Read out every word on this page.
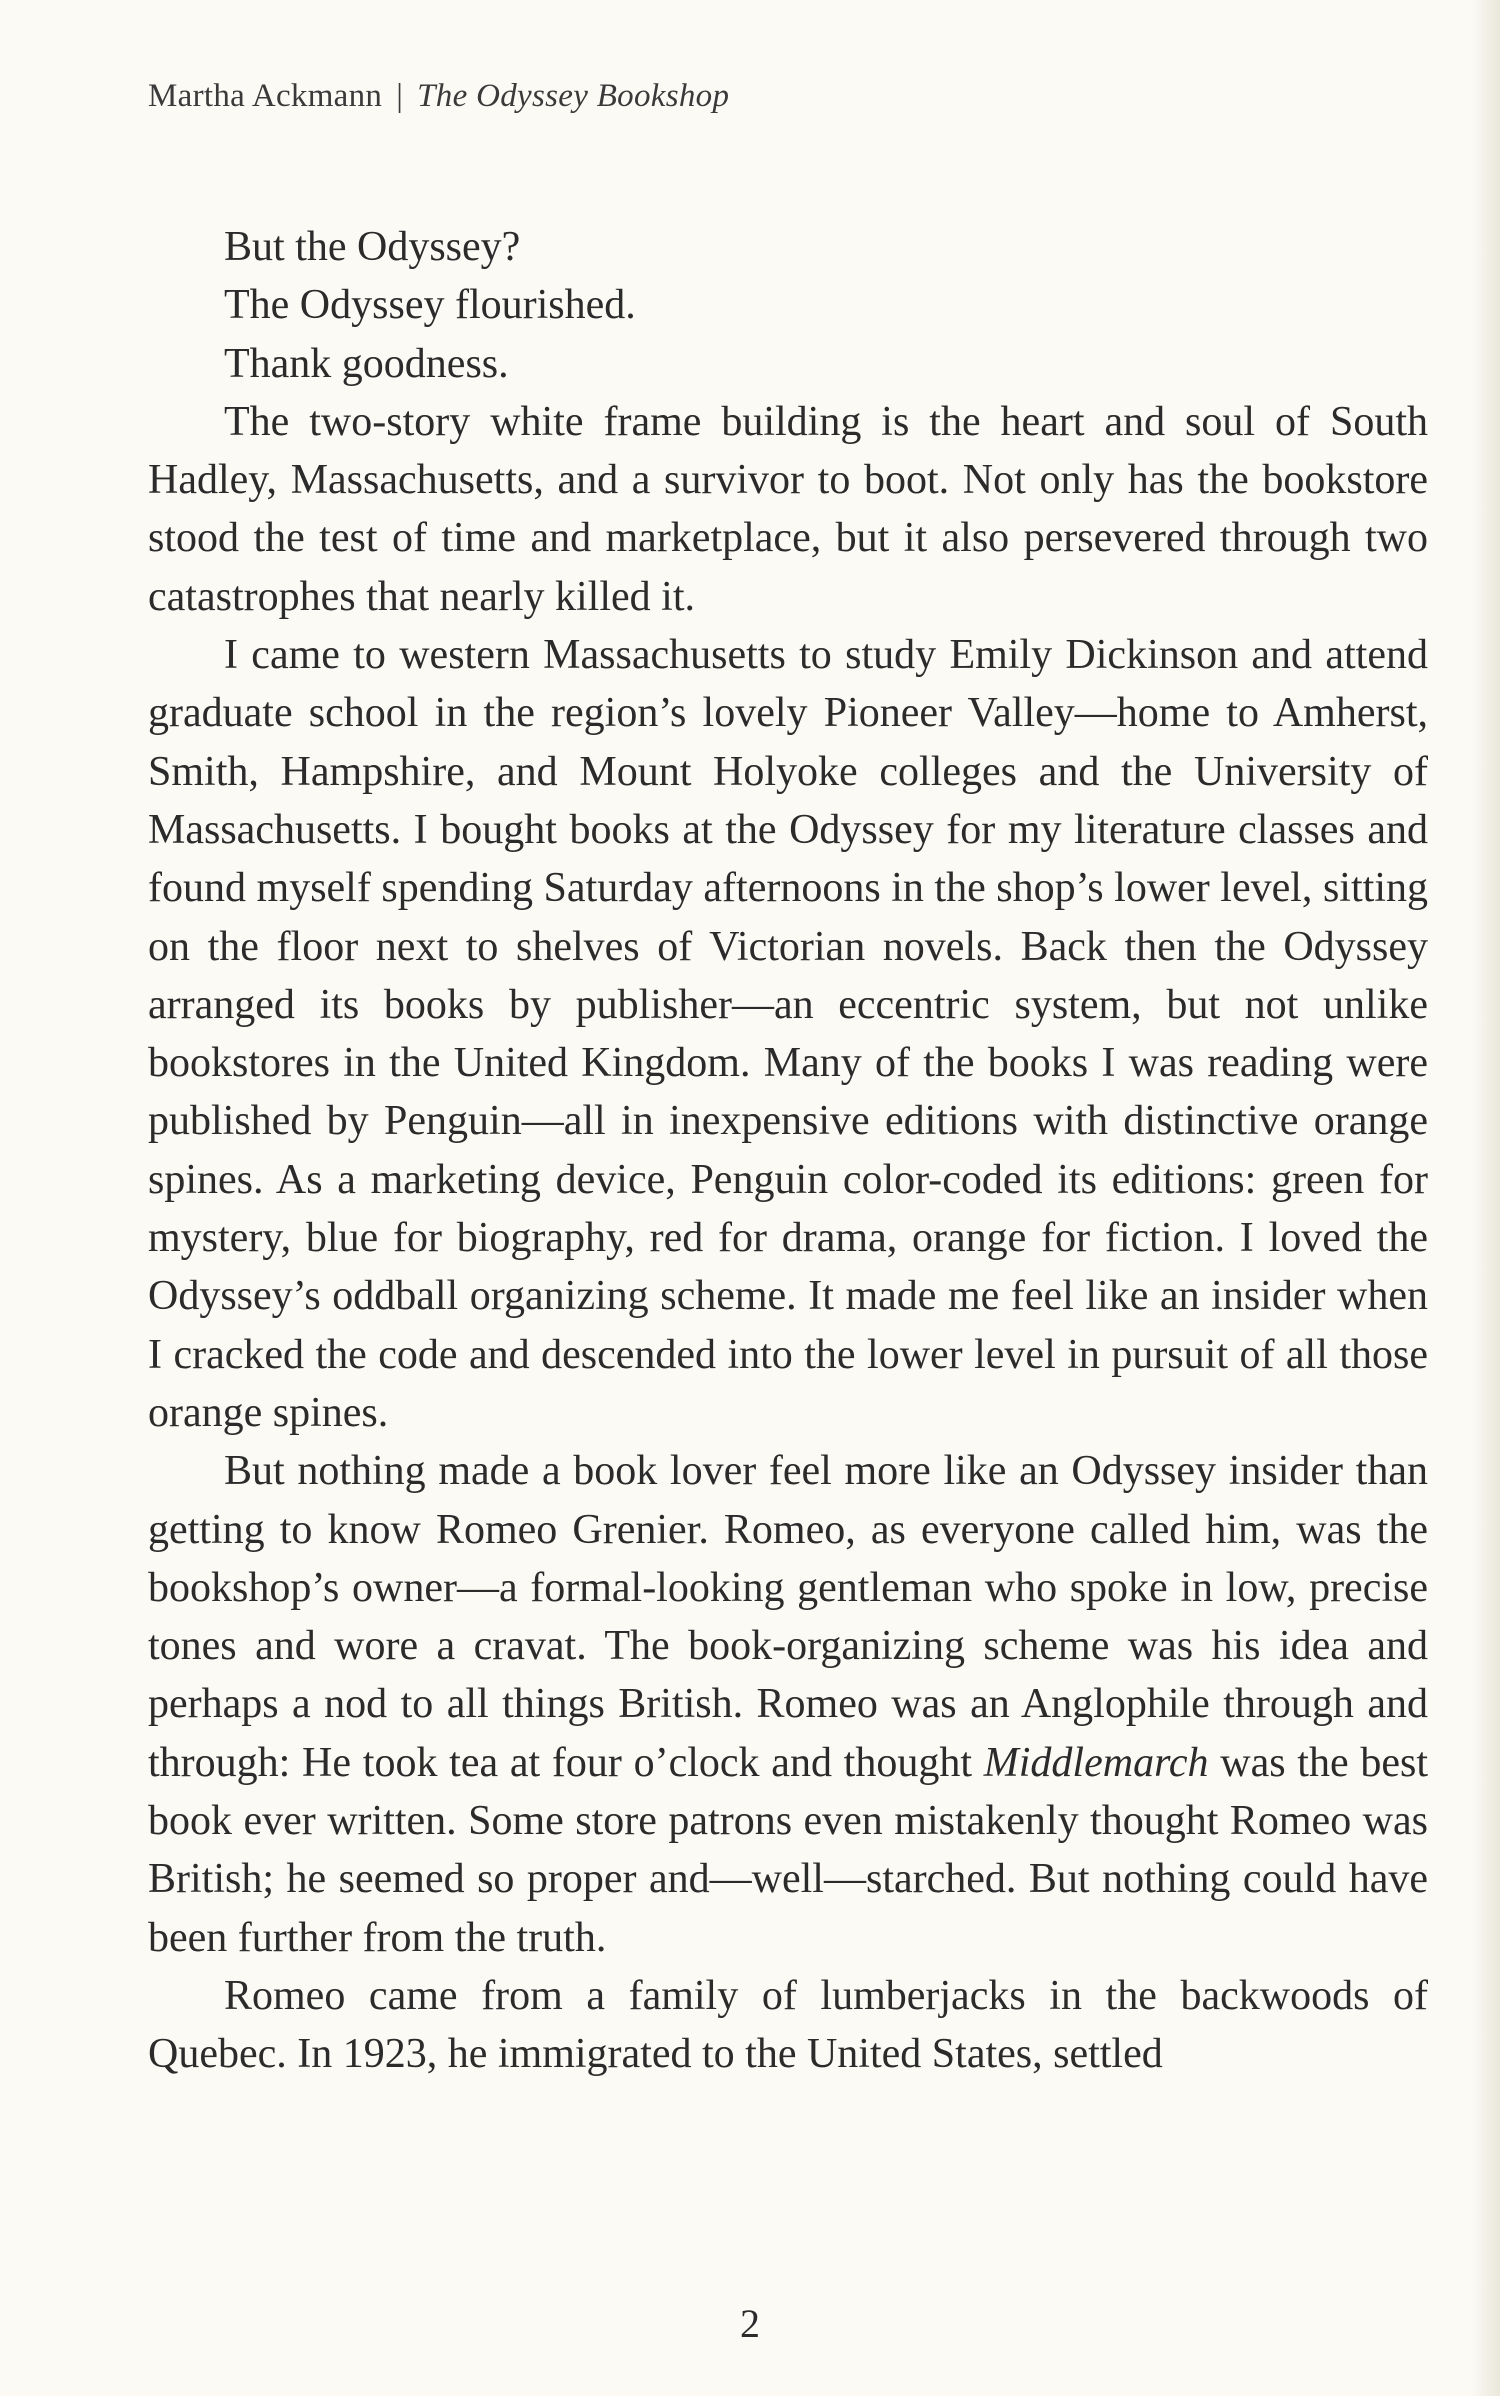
Martha Ackmann | The Odyssey Bookshop

But the Odyssey?

The Odyssey flourished.

Thank goodness.

The two-story white frame building is the heart and soul of South Hadley, Massachusetts, and a survivor to boot. Not only has the bookstore stood the test of time and marketplace, but it also persevered through two catastrophes that nearly killed it.

I came to western Massachusetts to study Emily Dickinson and attend graduate school in the region’s lovely Pioneer Valley—home to Amherst, Smith, Hampshire, and Mount Holyoke colleges and the University of Massachusetts. I bought books at the Odyssey for my literature classes and found myself spending Saturday afternoons in the shop’s lower level, sitting on the floor next to shelves of Victorian novels. Back then the Odyssey arranged its books by publisher—an eccentric system, but not unlike bookstores in the United Kingdom. Many of the books I was reading were published by Penguin—all in inexpensive editions with distinctive orange spines. As a marketing device, Penguin color-coded its editions: green for mystery, blue for biography, red for drama, orange for fiction. I loved the Odyssey’s oddball organizing scheme. It made me feel like an insider when I cracked the code and descended into the lower level in pursuit of all those orange spines.

But nothing made a book lover feel more like an Odyssey insider than getting to know Romeo Grenier. Romeo, as everyone called him, was the bookshop’s owner—a formal-looking gentleman who spoke in low, precise tones and wore a cravat. The book-organizing scheme was his idea and perhaps a nod to all things British. Romeo was an Anglophile through and through: He took tea at four o’clock and thought Middlemarch was the best book ever written. Some store patrons even mistakenly thought Romeo was British; he seemed so proper and—well—starched. But nothing could have been further from the truth.

Romeo came from a family of lumberjacks in the backwoods of Quebec. In 1923, he immigrated to the United States, settled

2
